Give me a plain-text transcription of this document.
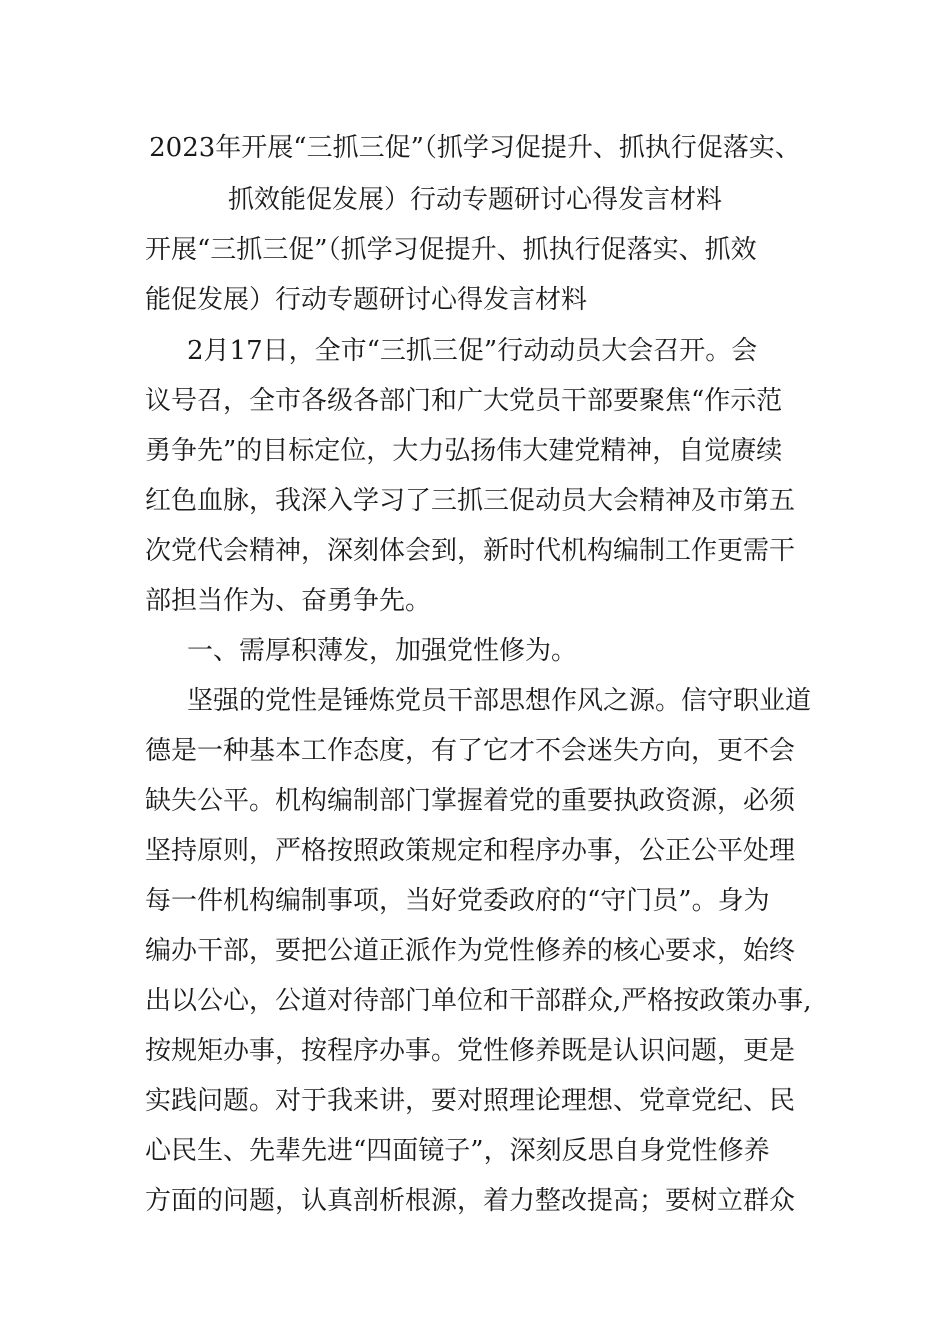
2023年开展“三抓三促”（抓学习促提升、抓执行促落实、
抓效能促发展）行动专题研讨心得发言材料
开展“三抓三促”（抓学习促提升、抓执行促落实、抓效
能促发展）行动专题研讨心得发言材料
2月17日，全市“三抓三促”行动动员大会召开。会
议号召，全市各级各部门和广大党员干部要聚焦“作示范
勇争先”的目标定位，大力弘扬伟大建党精神，自觉赓续
红色血脉，我深入学习了三抓三促动员大会精神及市第五
次党代会精神，深刻体会到，新时代机构编制工作更需干
部担当作为、奋勇争先。
一、需厚积薄发，加强党性修为。
坚强的党性是锤炼党员干部思想作风之源。信守职业道
德是一种基本工作态度，有了它才不会迷失方向，更不会
缺失公平。机构编制部门掌握着党的重要执政资源，必须
坚持原则，严格按照政策规定和程序办事，公正公平处理
每一件机构编制事项，当好党委政府的“守门员”。身为
编办干部，要把公道正派作为党性修养的核心要求，始终
出以公心，公道对待部门单位和干部群众,严格按政策办事,
按规矩办事，按程序办事。党性修养既是认识问题，更是
实践问题。对于我来讲，要对照理论理想、党章党纪、民
心民生、先辈先进“四面镜子”，深刻反思自身党性修养
方面的问题，认真剖析根源，着力整改提高；要树立群众
